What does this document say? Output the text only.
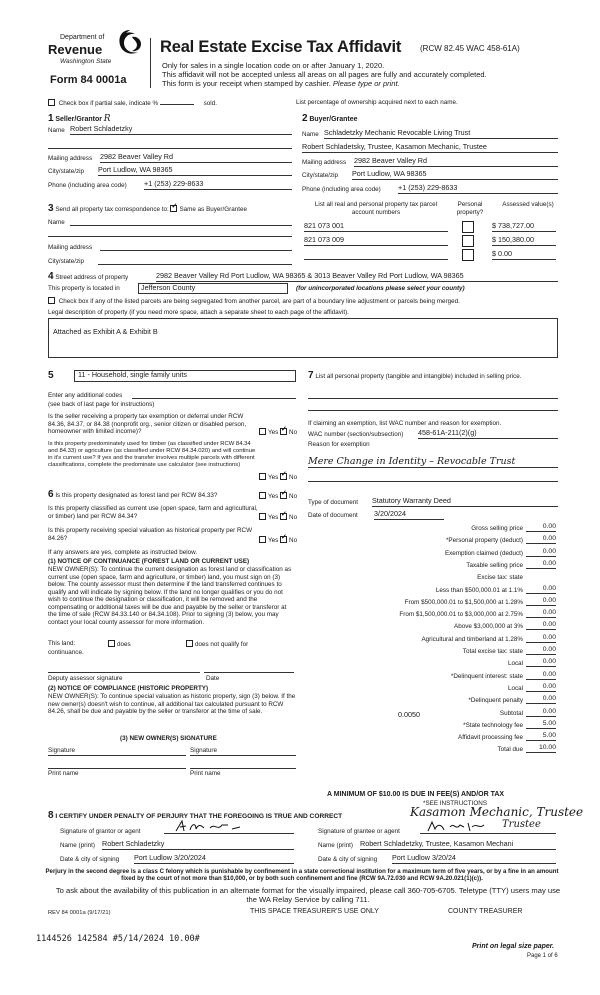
Department of
Revenue
Washington State
Form 84 0001a
Real Estate Excise Tax Affidavit (RCW 82.45 WAC 458-61A)
Only for sales in a single location code on or after January 1, 2020.
This affidavit will not be accepted unless all areas on all pages are fully and accurately completed.
This form is your receipt when stamped by cashier. Please type or print.
Check box if partial sale, indicate %	sold.	List percentage of ownership acquired next to each name.
1 Seller/Grantor R
Name Robert Schladetzky
Mailing address 2982 Beaver Valley Rd
City/state/zip Port Ludlow, WA 98365
Phone (including area code) +1 (253) 229-8633
2 Buyer/Grantee
Name Schladetzky Mechanic Revocable Living Trust
Robert Schladetsky, Trustee, Kasamon Mechanic, Trustee
Mailing address 2982 Beaver Valley Rd
City/state/zip Port Ludlow, WA 98365
Phone (including area code) +1 (253) 229-8633
3 Send all property tax correspondence to: ✓ Same as Buyer/Grantee
Name
Mailing address
City/state/zip
List all real and personal property tax parcel account numbers
Personal property?
Assessed value(s)
821 073 001	$ 738,727.00
821 073 009	$ 150,380.00
$ 0.00
4 Street address of property	2982 Beaver Valley Rd Port Ludlow, WA 98365 & 3013 Beaver Valley Rd Port Ludlow, WA 98365
This property is located in	Jefferson County	(for unincorporated locations please select your county)
Check box if any of the listed parcels are being segregated from another parcel, are part of a boundary line adjustment or parcels being merged.
Legal description of property (if you need more space, attach a separate sheet to each page of the affidavit).
Attached as Exhibit A & Exhibit B
5	11 - Household, single family units
Enter any additional codes
(see back of last page for instructions)
Is the seller receiving a property tax exemption or deferral under RCW 84.36, 84.37, or 84.38 (nonprofit org., senior citizen or disabled person, homeowner with limited income)?	Yes ✓ No
Is this property predominately used for timber (as classified under RCW 84.34 and 84.33) or agriculture (as classified under RCW 84.34.020) and will continue in it's current use? If yes and the transfer involves multiple parcels with different classifications, complete the predominate use calculator (see instructions)
Yes ✓ No
6 Is this property designated as forest land per RCW 84.33?	Yes ✓ No
Is this property classified as current use (open space, farm and agricultural, or timber) land per RCW 84.34?	Yes ✓ No
Is this property receiving special valuation as historical property per RCW 84.26?	Yes ✓ No
If any answers are yes, complete as instructed below.
(1) NOTICE OF CONTINUANCE (FOREST LAND OR CURRENT USE)
NEW OWNER(S): To continue the current designation as forest land or classification as current use (open space, farm and agriculture, or timber) land, you must sign on (3) below. The county assessor must then determine if the land transferred continues to qualify and will indicate by signing below. If the land no longer qualifies or you do not wish to continue the designation or classification, it will be removed and the compensating or additional taxes will be due and payable by the seller or transferor at the time of sale (RCW 84.33.140 or 84.34.108). Prior to signing (3) below, you may contact your local county assessor for more information.
This land:	does	does not qualify for
continuance.
Deputy assessor signature	Date
(2) NOTICE OF COMPLIANCE (HISTORIC PROPERTY)
NEW OWNER(S): To continue special valuation as historic property, sign (3) below. If the new owner(s) doesn't wish to continue, all additional tax calculated pursuant to RCW 84.26, shall be due and payable by the seller or transferor at the time of sale.
(3) NEW OWNER(S) SIGNATURE
Signature	Signature
Print name	Print name
7 List all personal property (tangible and intangible) included in selling price.
If claiming an exemption, list WAC number and reason for exemption.
WAC number (section/subsection) 458-61A-211(2)(g)
Reason for exemption
Mere Change in Identity – Revocable Trust
Type of document Statutory Warranty Deed
Date of document 3/20/2024
Gross selling price	0.00
*Personal property (deduct)	0.00
Exemption claimed (deduct)	0.00
Taxable selling price	0.00
Excise tax: state
Less than $500,000.01 at 1.1%	0.00
From $500,000.01 to $1,500,000 at 1.28%	0.00
From $1,500,000.01 to $3,000,000 at 2.75%	0.00
Above $3,000,000 at 3%	0.00
Agricultural and timberland at 1.28%	0.00
Total excise tax: state	0.00
Local	0.00
*Delinquent interest: state	0.00
Local	0.00
*Delinquent penalty	0.00
Subtotal	0.00
*State technology fee	5.00
Affidavit processing fee	5.00
Total due	10.00
0.0050
A MINIMUM OF $10.00 IS DUE IN FEE(S) AND/OR TAX
*SEE INSTRUCTIONS
8 I CERTIFY UNDER PENALTY OF PERJURY THAT THE FOREGOING IS TRUE AND CORRECT	Kasamon Mechanic, Trustee
Signature of grantor or agent	Signature of grantee or agent
Trustee
Name (print) Robert Schladetzky	Name (print) Robert Schladetzky, Trustee, Kasamon Mechani
Date & city of signing Port Ludlow 3/20/2024	Date & city of signing Port Ludlow 3/20/24
Perjury in the second degree is a class C felony which is punishable by confinement in a state correctional institution for a maximum term of five years, or by a fine in an amount fixed by the court of not more than $10,000, or by both such confinement and fine (RCW 9A.72.030 and RCW 9A.20.021(1)(c)).
To ask about the availability of this publication in an alternate format for the visually impaired, please call 360-705-6705. Teletype (TTY) users may use the WA Relay Service by calling 711.
REV 84 0001a (9/17/21)	THIS SPACE TREASURER'S USE ONLY	COUNTY TREASURER
1144526 142584 #5/14/2024 10.00#
Print on legal size paper.
Page 1 of 6
